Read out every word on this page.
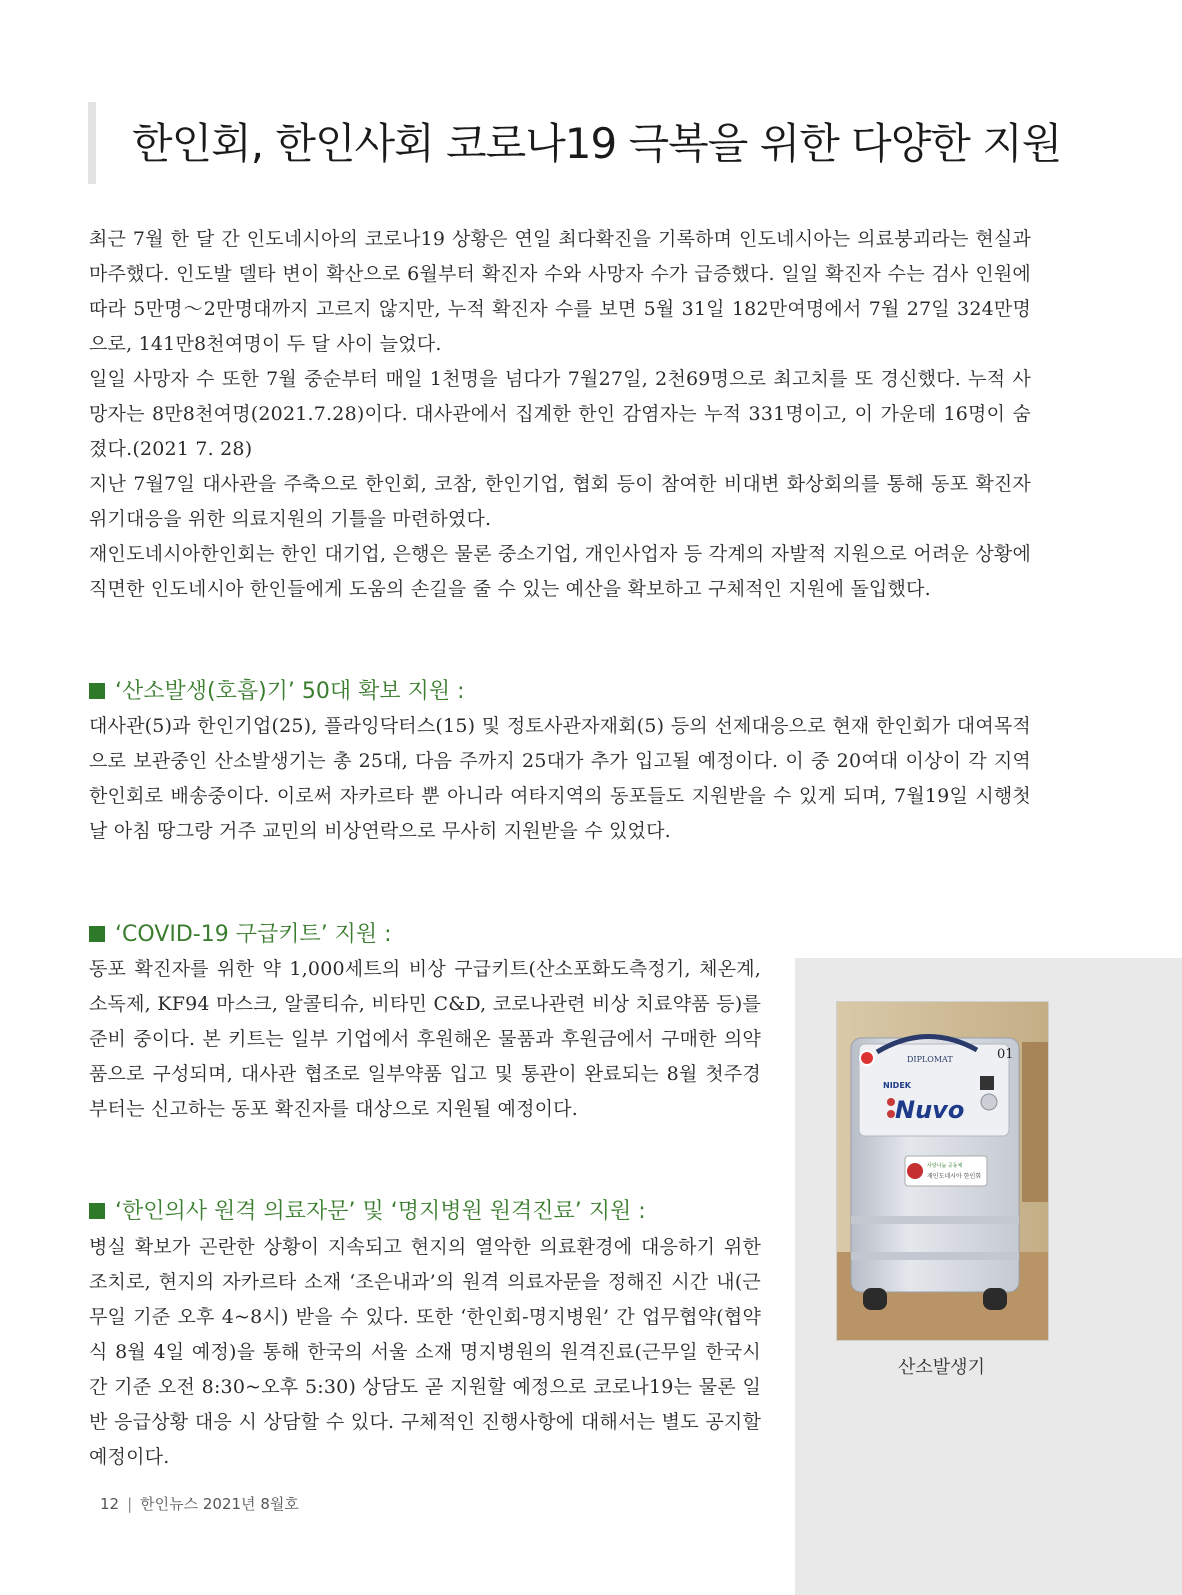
한인회, 한인사회 코로나19 극복을 위한 다양한 지원

최근 7월 한 달 간 인도네시아의 코로나19 상황은 연일 최다확진을 기록하며 인도네시아는 의료붕괴라는 현실과 마주했다. 인도발 델타 변이 확산으로 6월부터 확진자 수와 사망자 수가 급증했다. 일일 확진자 수는 검사 인원에 따라 5만명～2만명대까지 고르지 않지만, 누적 확진자 수를 보면 5월 31일 182만여명에서 7월 27일 324만명으로, 141만8천여명이 두 달 사이 늘었다.

일일 사망자 수 또한 7월 중순부터 매일 1천명을 넘다가 7월27일, 2천69명으로 최고치를 또 경신했다. 누적 사망자는 8만8천여명(2021.7.28)이다. 대사관에서 집계한 한인 감염자는 누적 331명이고, 이 가운데 16명이 숨졌다.(2021 7. 28)

지난 7월7일 대사관을 주축으로 한인회, 코참, 한인기업, 협회 등이 참여한 비대변 화상회의를 통해 동포 확진자 위기대응을 위한 의료지원의 기틀을 마련하였다.

재인도네시아한인회는 한인 대기업, 은행은 물론 중소기업, 개인사업자 등 각계의 자발적 지원으로 어려운 상황에 직면한 인도네시아 한인들에게 도움의 손길을 줄 수 있는 예산을 확보하고 구체적인 지원에 돌입했다.

‘산소발생(호흡)기’ 50대 확보 지원 :

대사관(5)과 한인기업(25), 플라잉닥터스(15) 및 정토사관자재회(5) 등의 선제대응으로 현재 한인회가 대여목적으로 보관중인 산소발생기는 총 25대, 다음 주까지 25대가 추가 입고될 예정이다. 이 중 20여대 이상이 각 지역한인회로 배송중이다. 이로써 자카르타 뿐 아니라 여타지역의 동포들도 지원받을 수 있게 되며, 7월19일 시행첫날 아침 땅그랑 거주 교민의 비상연락으로 무사히 지원받을 수 있었다.

‘COVID-19 구급키트’ 지원 :

동포 확진자를 위한 약 1,000세트의 비상 구급키트(산소포화도측정기, 체온계, 소독제, KF94 마스크, 알콜티슈, 비타민 C&D, 코로나관련 비상 치료약품 등)를 준비 중이다. 본 키트는 일부 기업에서 후원해온 물품과 후원금에서 구매한 의약품으로 구성되며, 대사관 협조로 일부약품 입고 및 통관이 완료되는 8월 첫주경부터는 신고하는 동포 확진자를 대상으로 지원될 예정이다.

‘한인의사 원격 의료자문’ 및 ‘명지병원 원격진료’ 지원 :

병실 확보가 곤란한 상황이 지속되고 현지의 열악한 의료환경에 대응하기 위한 조치로, 현지의 자카르타 소재 ‘조은내과’의 원격 의료자문을 정해진 시간 내(근무일 기준 오후 4~8시) 받을 수 있다. 또한 ‘한인회-명지병원’ 간 업무협약(협약식 8월 4일 예정)을 통해 한국의 서울 소재 명지병원의 원격진료(근무일 한국시간 기준 오전 8:30~오후 5:30) 상담도 곧 지원할 예정으로 코로나19는 물론 일반 응급상황 대응 시 상담할 수 있다. 구체적인 진행사항에 대해서는 별도 공지할 예정이다.

DIPLOMAT	01
NIDEK
Nuvo
사랑나눔 공동체
재인도네시아 한인회
산소발생기
12 | 한인뉴스 2021년 8월호
